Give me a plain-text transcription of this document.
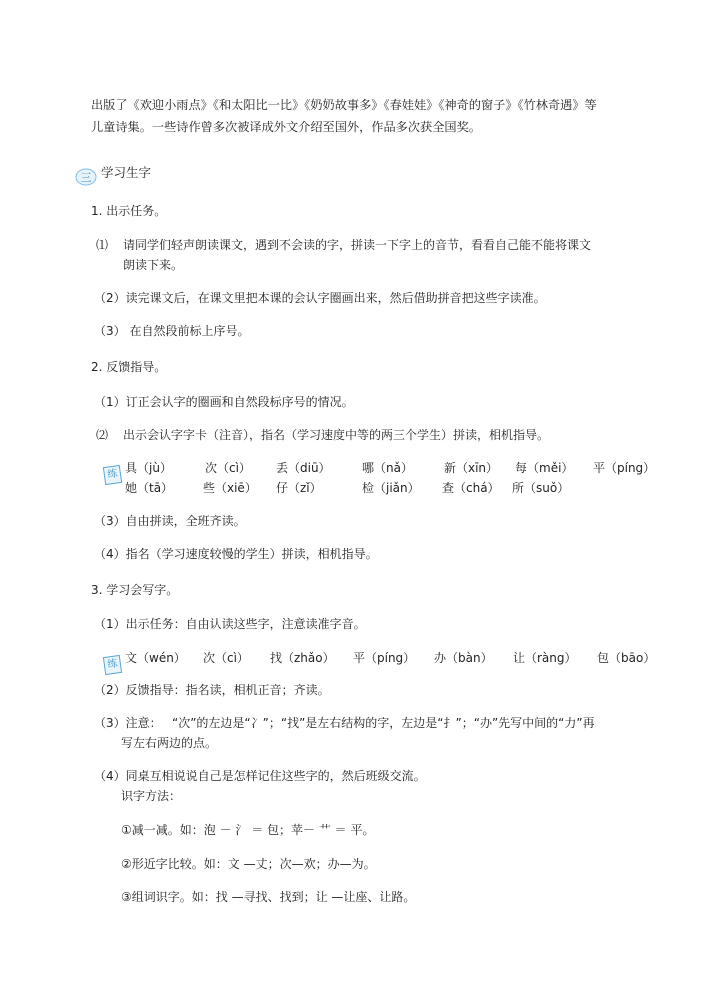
出版了《欢迎小雨点》《和太阳比一比》《奶奶故事多》《春娃娃》《神奇的窗子》《竹林奇遇》等
儿童诗集。一些诗作曾多次被译成外文介绍至国外，作品多次获全国奖。
三 学习生字
1. 出示任务。
⑴ 请同学们轻声朗读课文，遇到不会读的字，拼读一下字上的音节，看看自己能不能将课文
朗读下来。
（2）读完课文后，在课文里把本课的会认字圈画出来，然后借助拼音把这些字读准。
（3） 在自然段前标上序号。
2. 反馈指导。
（1）订正会认字的圈画和自然段标序号的情况。
⑵ 出示会认字字卡（注音），指名（学习速度中等的两三个学生）拼读，相机指导。
练 具（jù）	次（cì） 丢（diū）	哪（nǎ）	新（xīn） 每（měi） 平（píng）
她（tā） 些（xiē） 仔（zǐ）	检（jiǎn） 查（chá） 所（suǒ）
（3）自由拼读，全班齐读。
（4）指名（学习速度较慢的学生）拼读，相机指导。
3. 学习会写字。
（1）出示任务：自由认读这些字，注意读准字音。
练 文（wén） 次（cì） 找（zhǎo） 平（píng） 办（bàn） 让（ràng） 包（bāo）
（2）反馈指导：指名读，相机正音；齐读。
（3）注意： “次”的左边是“冫”；“找”是左右结构的字，左边是“扌”；“办”先写中间的“力”再
写左右两边的点。
（4）同桌互相说说自己是怎样记住这些字的，然后班级交流。
识字方法：
①减一减。如：泡 － 氵 ＝ 包；苹－ 艹 ＝ 平。
②形近字比较。如：文 —丈；次—欢；办—为。
③组词识字。如：找 —寻找、找到；让 —让座、让路。
